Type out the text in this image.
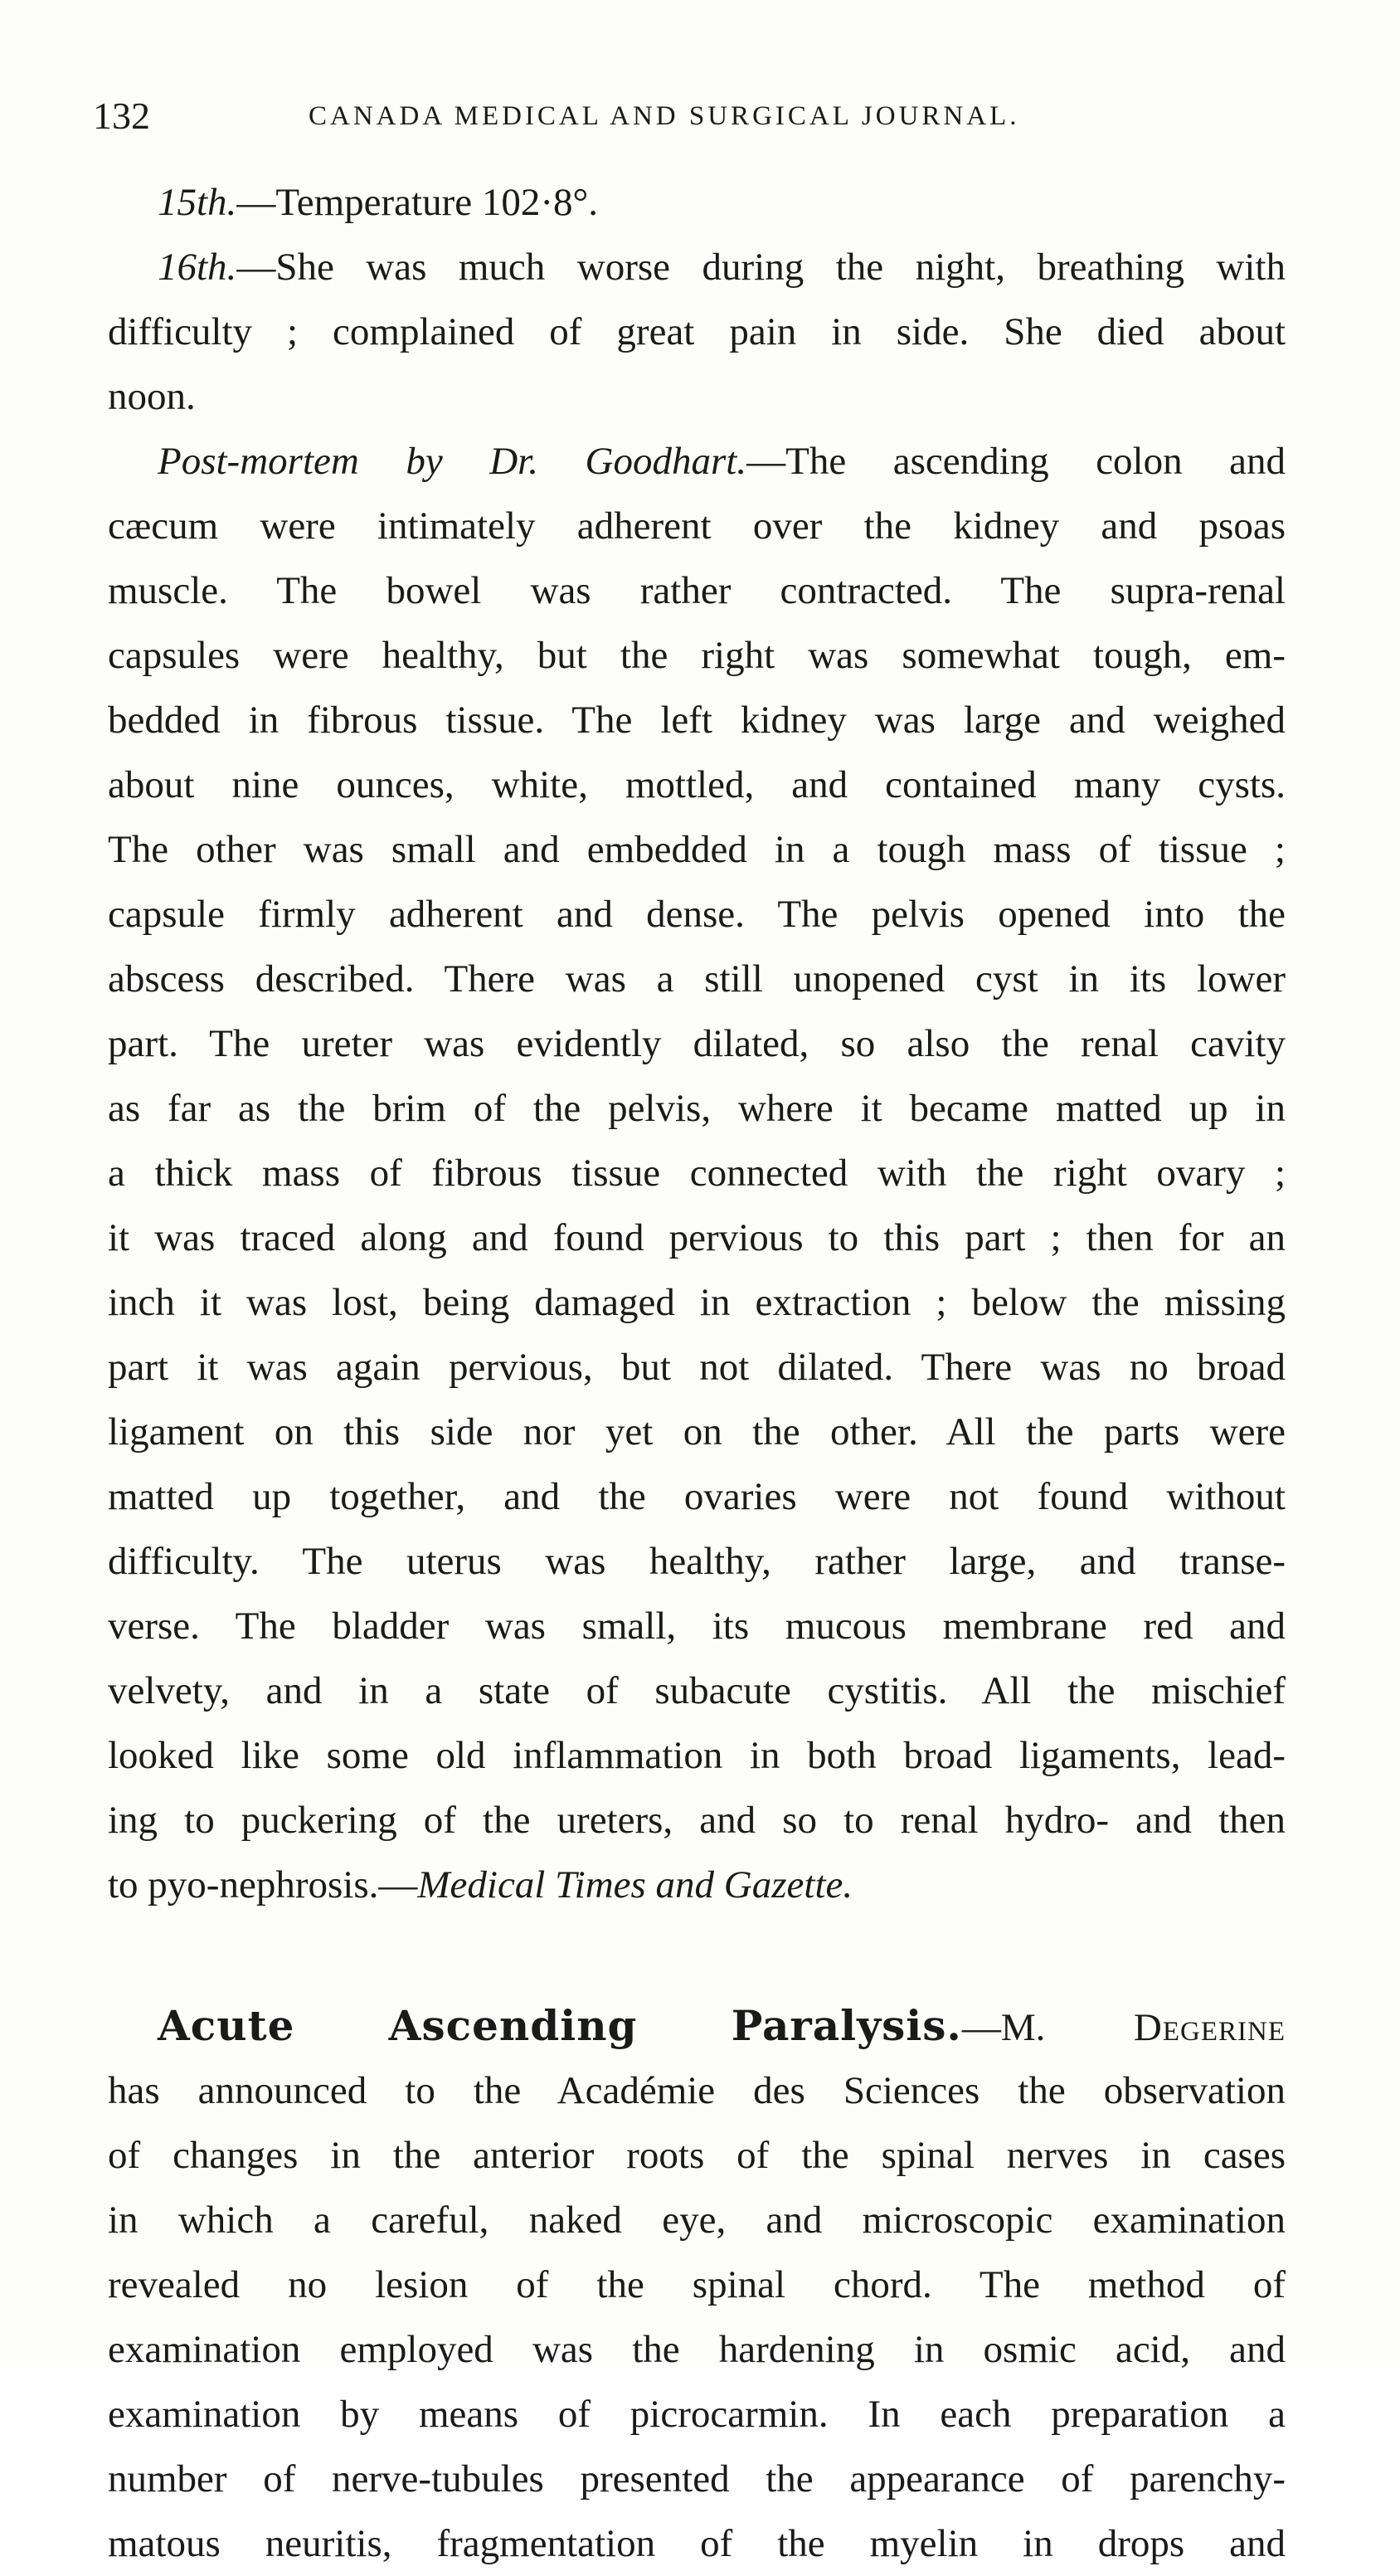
132	CANADA MEDICAL AND SURGICAL JOURNAL.
15th.—Temperature 102·8°.
16th.—She was much worse during the night, breathing with
difficulty ; complained of great pain in side. She died about
noon.
Post-mortem by Dr. Goodhart.—The ascending colon and
cæcum were intimately adherent over the kidney and psoas
muscle. The bowel was rather contracted. The supra-renal
capsules were healthy, but the right was somewhat tough, em-
bedded in fibrous tissue. The left kidney was large and weighed
about nine ounces, white, mottled, and contained many cysts.
The other was small and embedded in a tough mass of tissue ;
capsule firmly adherent and dense. The pelvis opened into the
abscess described. There was a still unopened cyst in its lower
part. The ureter was evidently dilated, so also the renal cavity
as far as the brim of the pelvis, where it became matted up in
a thick mass of fibrous tissue connected with the right ovary ;
it was traced along and found pervious to this part ; then for an
inch it was lost, being damaged in extraction ; below the missing
part it was again pervious, but not dilated. There was no broad
ligament on this side nor yet on the other. All the parts were
matted up together, and the ovaries were not found without
difficulty. The uterus was healthy, rather large, and transe-
verse. The bladder was small, its mucous membrane red and
velvety, and in a state of subacute cystitis. All the mischief
looked like some old inflammation in both broad ligaments, lead-
ing to puckering of the ureters, and so to renal hydro- and then
to pyo-nephrosis.—Medical Times and Gazette.
Acute Ascending Paralysis.—M. Degerine
has announced to the Académie des Sciences the observation
of changes in the anterior roots of the spinal nerves in cases
in which a careful, naked eye, and microscopic examination
revealed no lesion of the spinal chord. The method of
examination employed was the hardening in osmic acid, and
examination by means of picrocarmin. In each preparation a
number of nerve-tubules presented the appearance of parenchy-
matous neuritis, fragmentation of the myelin in drops and
